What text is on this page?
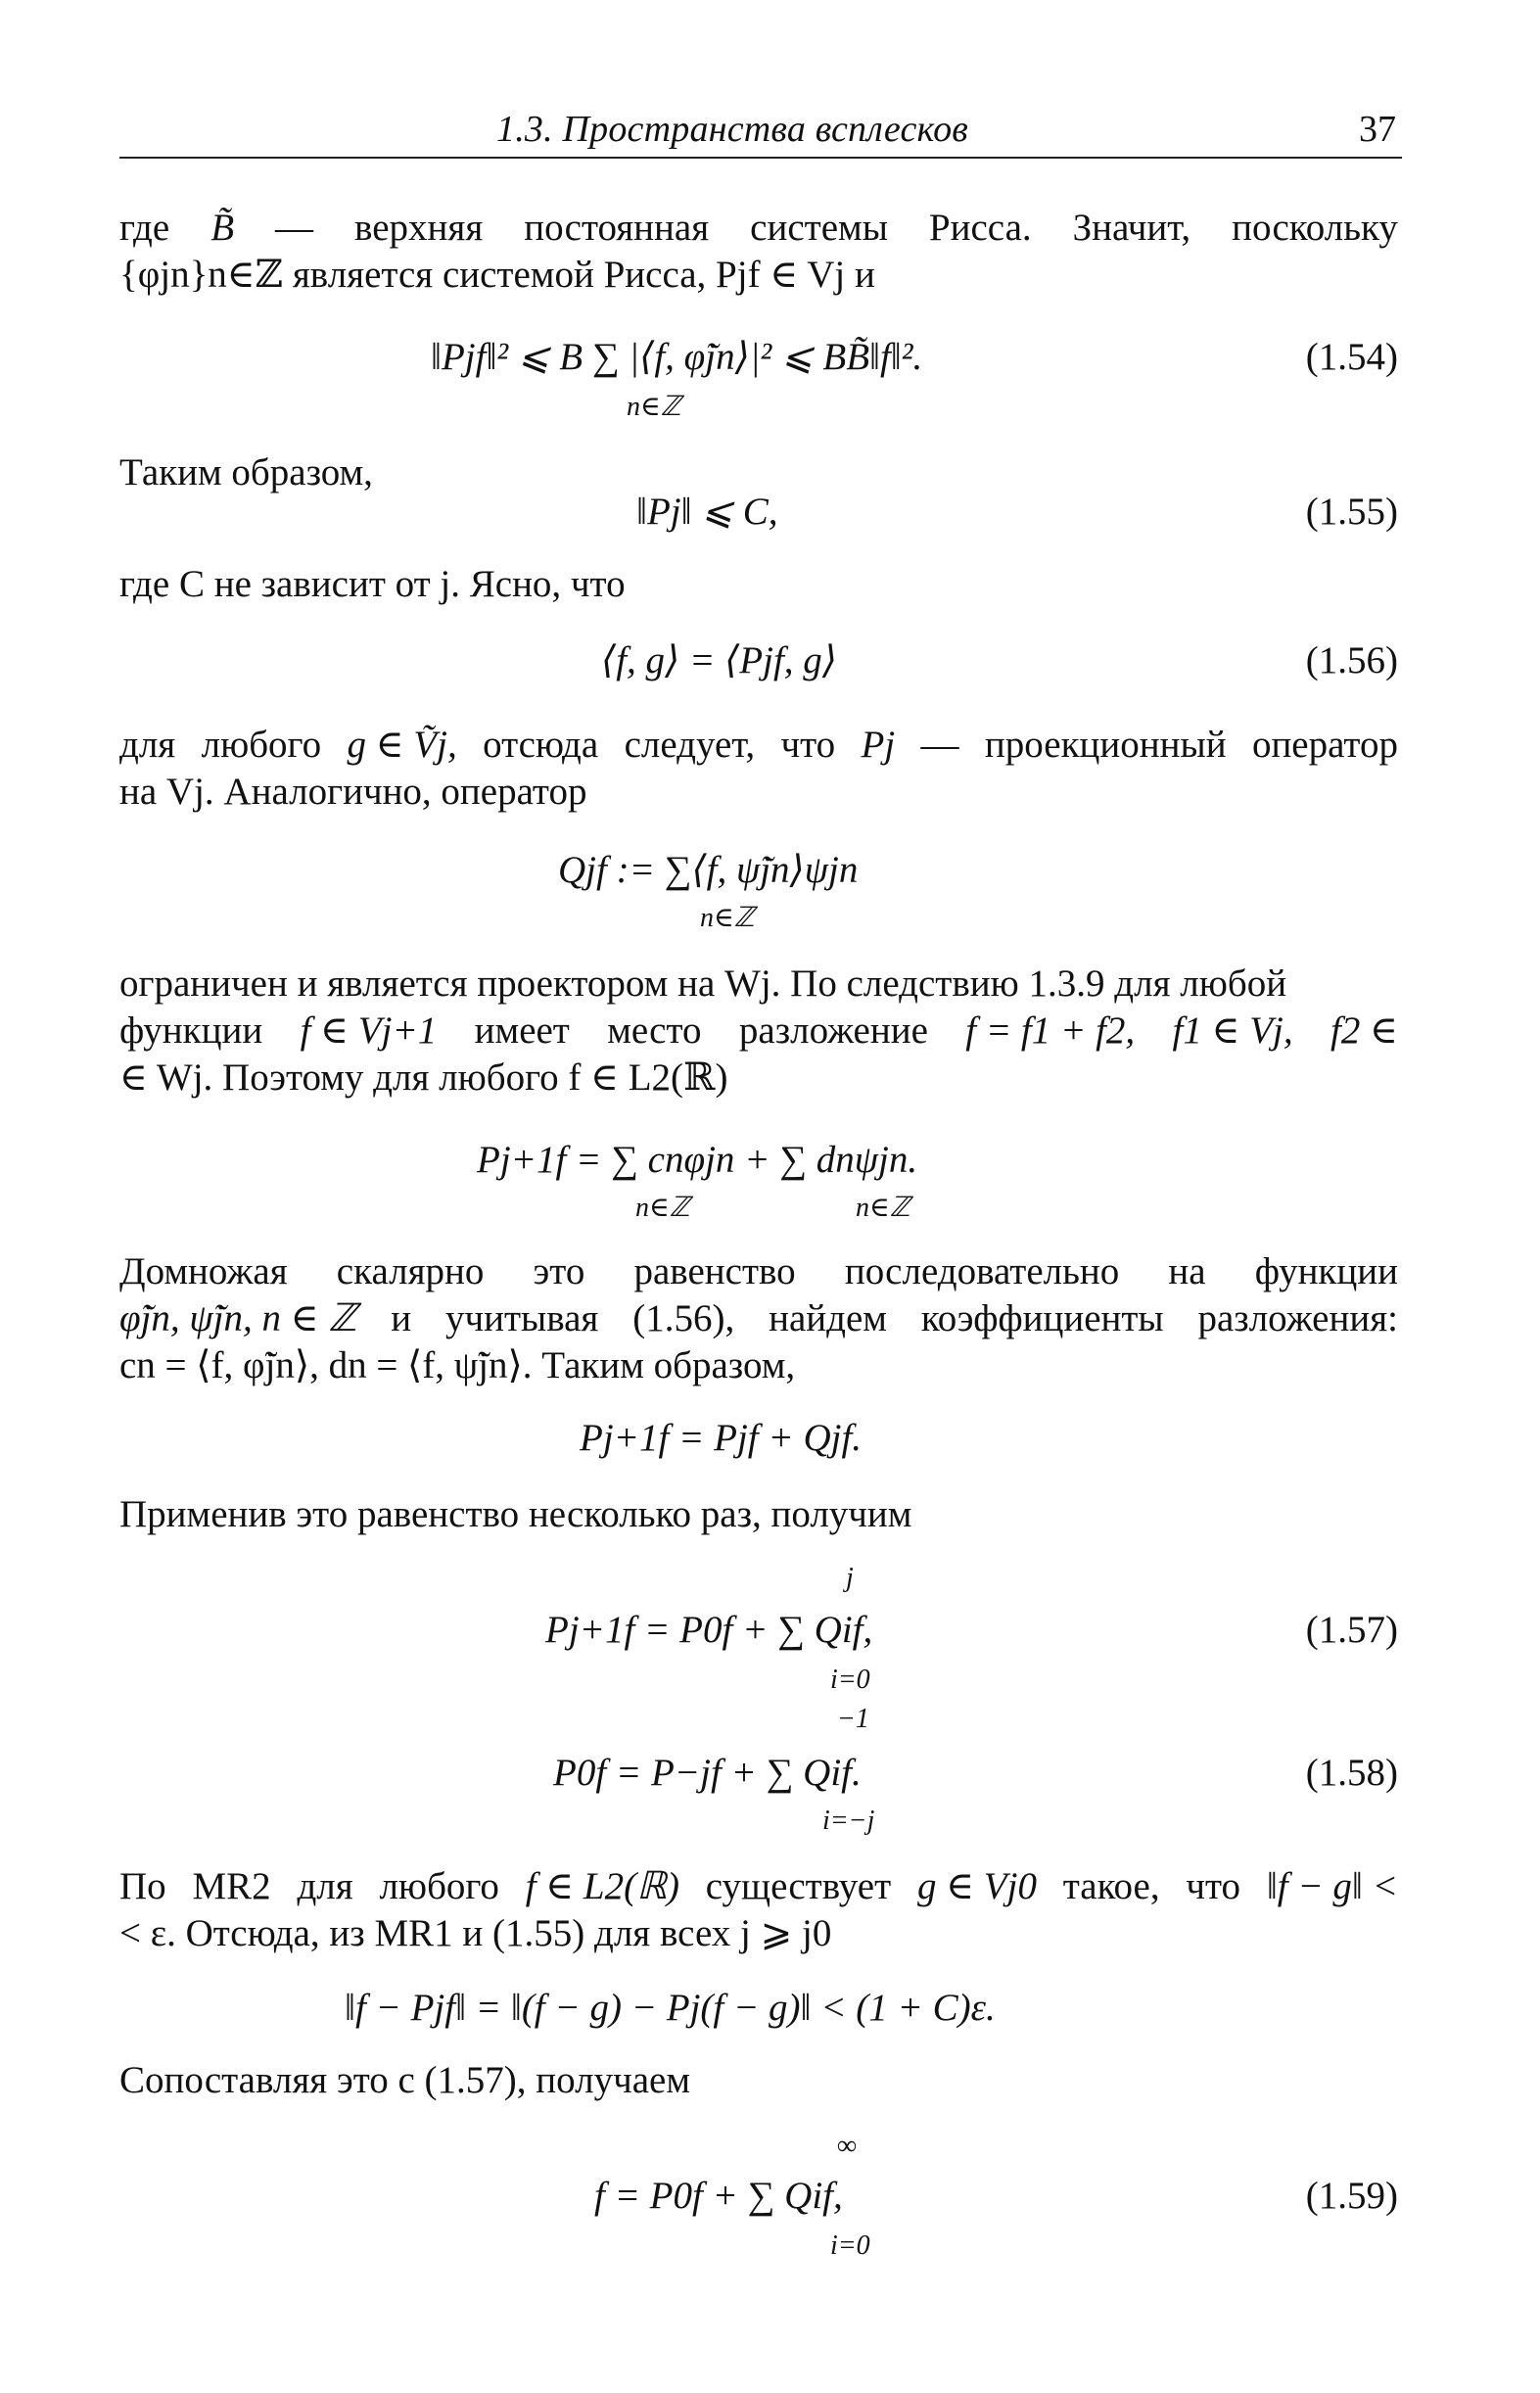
1.3. Пространства всплесков	37
где B̃ — верхняя постоянная системы Рисса. Значит, поскольку
{φjn}n∈ℤ является системой Рисса, Pjf ∈ Vj и
‖Pjf‖² ⩽ B ∑ |⟨f, φ̃jn⟩|² ⩽ BB̃‖f‖².
n∈ℤ
(1.54)
Таким образом,
‖Pj‖ ⩽ C,	(1.55)
где C не зависит от j. Ясно, что
⟨f, g⟩ = ⟨Pjf, g⟩	(1.56)
для любого g ∈ Ṽj, отсюда следует, что Pj — проекционный оператор
на Vj. Аналогично, оператор
Qjf := ∑⟨f, ψ̃jn⟩ψjn
n∈ℤ
ограничен и является проектором на Wj. По следствию 1.3.9 для любой
функции f ∈ Vj+1 имеет место разложение f = f1 + f2, f1 ∈ Vj, f2 ∈
∈ Wj. Поэтому для любого f ∈ L2(ℝ)
Pj+1f = ∑ cnφjn + ∑ dnψjn.
n∈ℤ	n∈ℤ
Домножая скалярно это равенство последовательно на функции
φ̃jn, ψ̃jn, n ∈ ℤ и учитывая (1.56), найдем коэффициенты разложения:
cn = ⟨f, φ̃jn⟩, dn = ⟨f, ψ̃jn⟩. Таким образом,
Pj+1f = Pjf + Qjf.
Применив это равенство несколько раз, получим
j
Pj+1f = P0f + ∑ Qif,
i=0
(1.57)
−1
P0f = P−jf + ∑ Qif.
i=−j
(1.58)
По MR2 для любого f ∈ L2(ℝ) существует g ∈ Vj0 такое, что ‖f − g‖ <
< ε. Отсюда, из MR1 и (1.55) для всех j ⩾ j0
‖f − Pjf‖ = ‖(f − g) − Pj(f − g)‖ < (1 + C)ε.
Сопоставляя это с (1.57), получаем
∞
f = P0f + ∑ Qif,
i=0
(1.59)
